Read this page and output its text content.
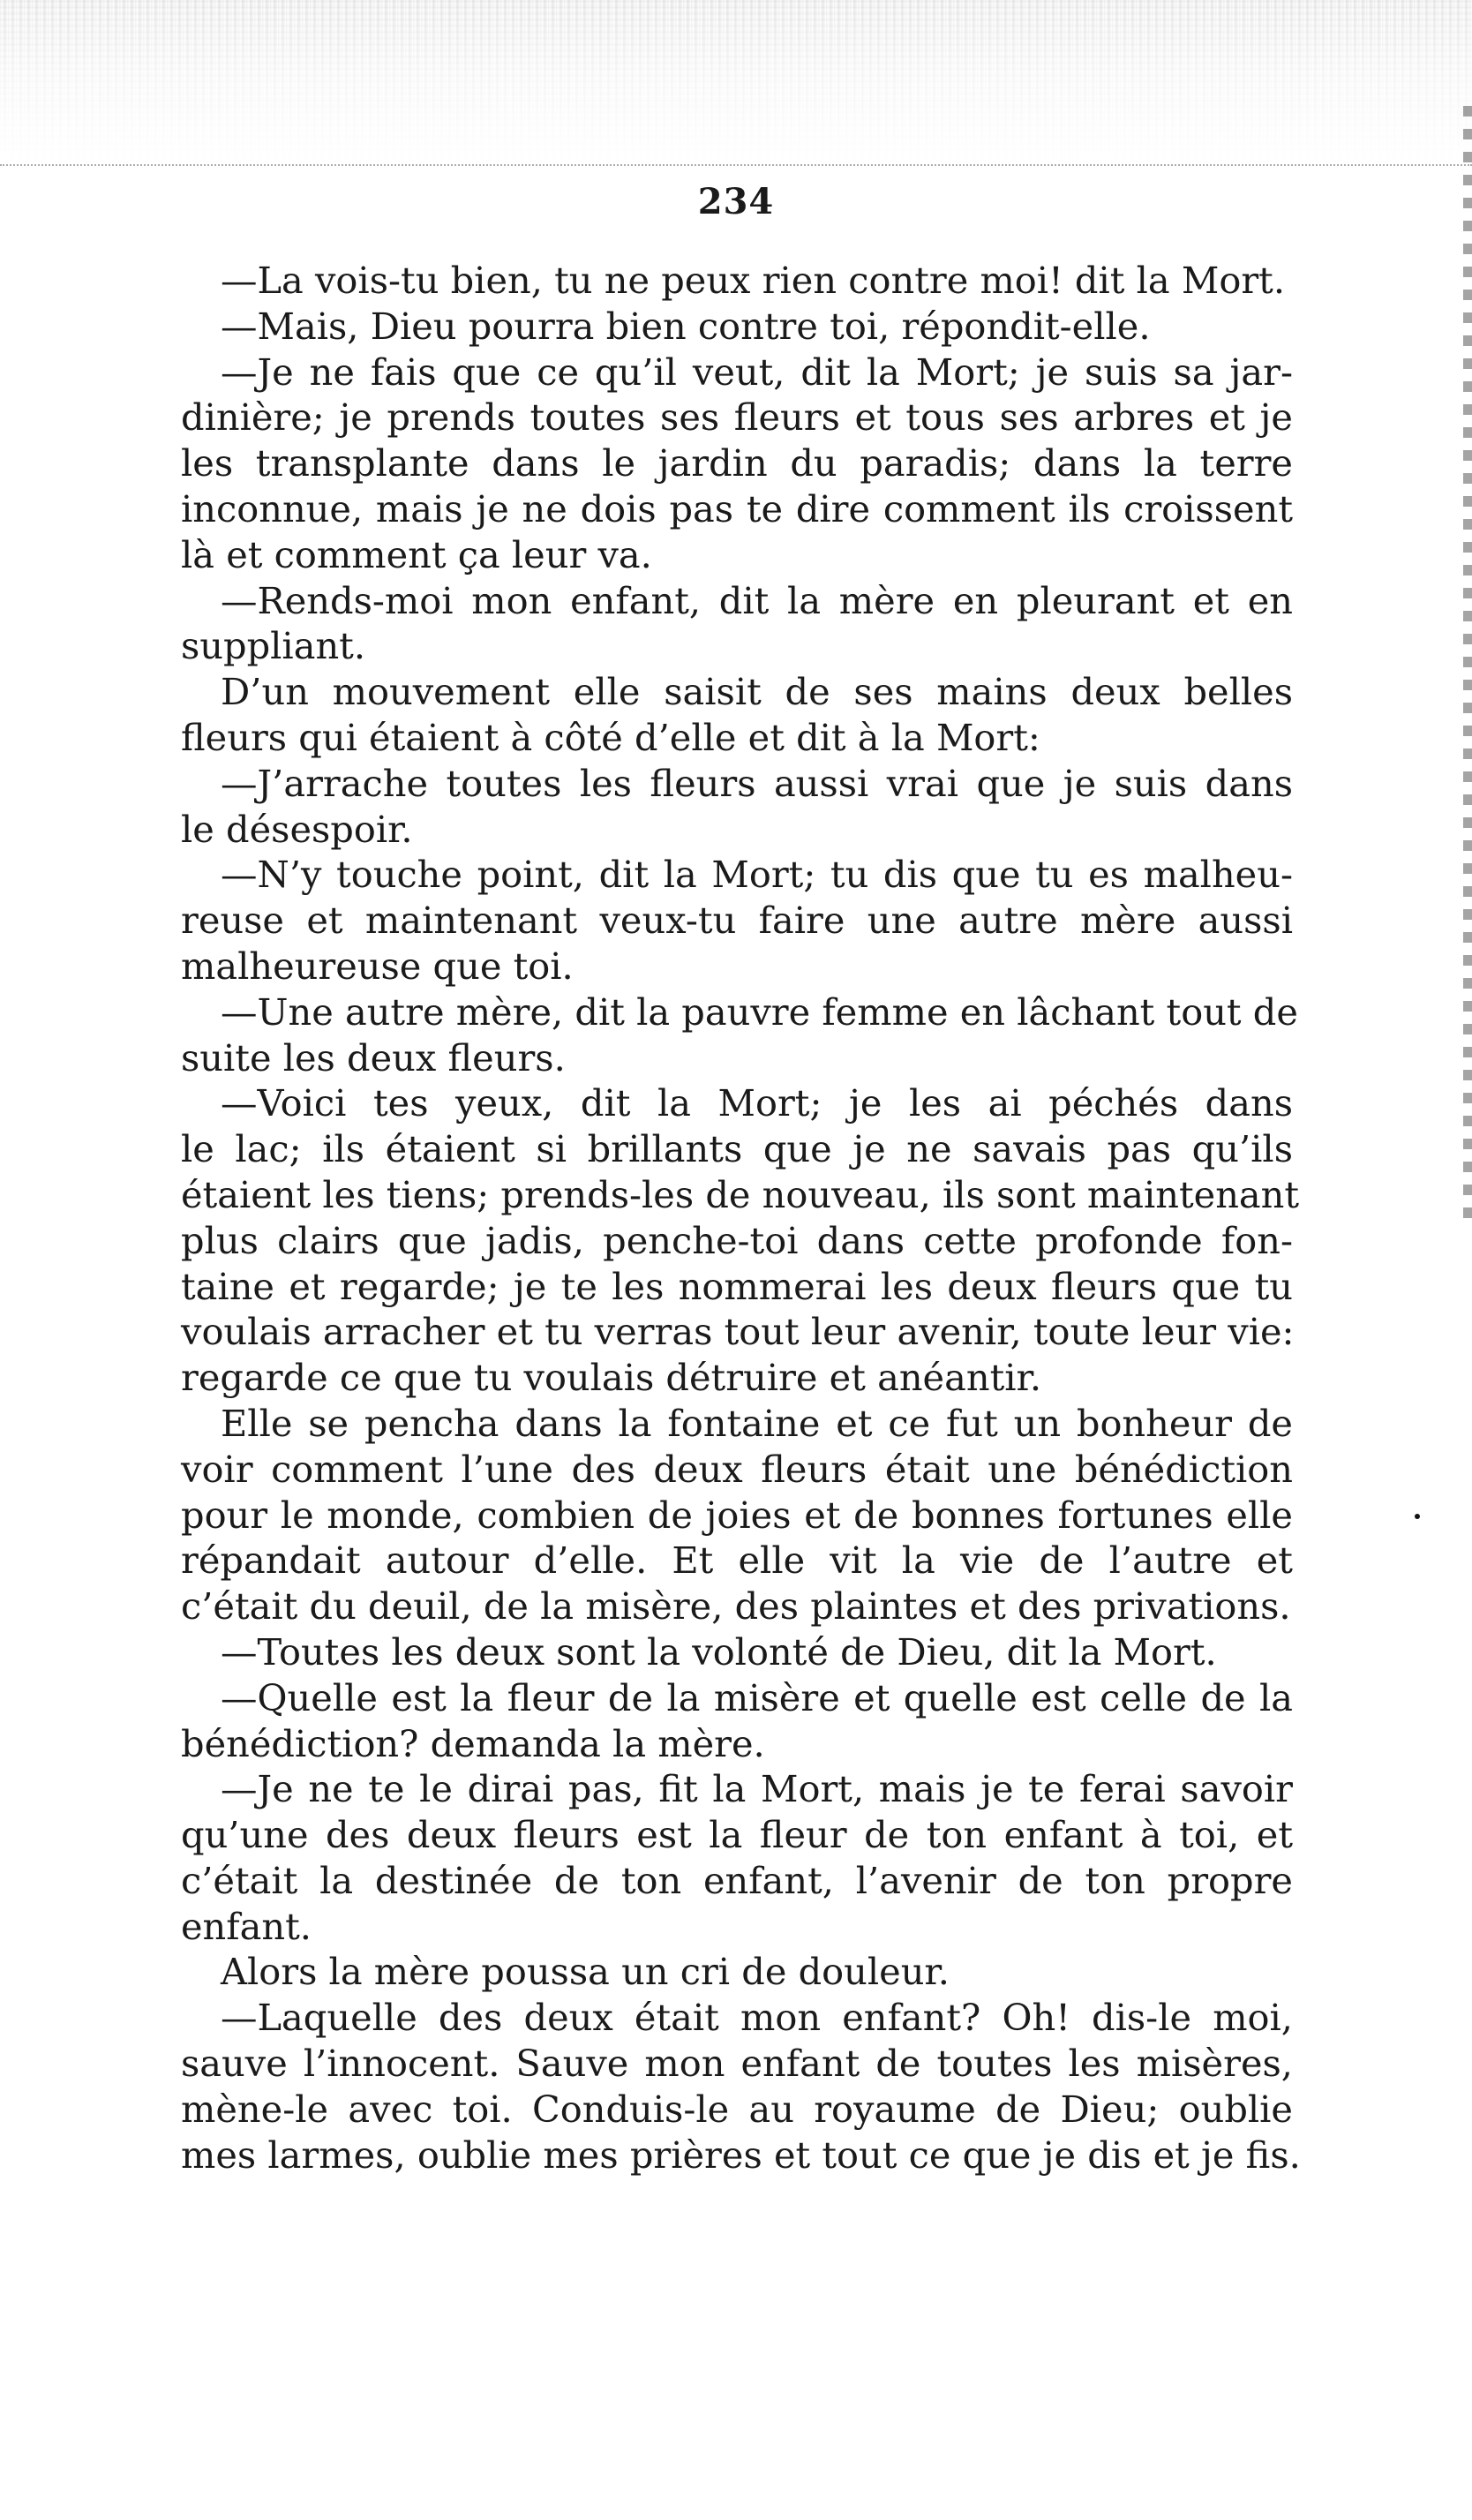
234
—La vois-tu bien, tu ne peux rien contre moi! dit la Mort.
—Mais, Dieu pourra bien contre toi, répondit-elle.
—Je ne fais que ce qu’il veut, dit la Mort; je suis sa jar-
dinière; je prends toutes ses fleurs et tous ses arbres et je
les transplante dans le jardin du paradis; dans la terre
inconnue, mais je ne dois pas te dire comment ils croissent
là et comment ça leur va.
—Rends-moi mon enfant, dit la mère en pleurant et en
suppliant.
D’un mouvement elle saisit de ses mains deux belles
fleurs qui étaient à côté d’elle et dit à la Mort:
—J’arrache toutes les fleurs aussi vrai que je suis dans
le désespoir.
—N’y touche point, dit la Mort; tu dis que tu es malheu-
reuse et maintenant veux-tu faire une autre mère aussi
malheureuse que toi.
—Une autre mère, dit la pauvre femme en lâchant tout de
suite les deux fleurs.
—Voici tes yeux, dit la Mort; je les ai péchés dans
le lac; ils étaient si brillants que je ne savais pas qu’ils
étaient les tiens; prends-les de nouveau, ils sont maintenant
plus clairs que jadis, penche-toi dans cette profonde fon-
taine et regarde; je te les nommerai les deux fleurs que tu
voulais arracher et tu verras tout leur avenir, toute leur vie:
regarde ce que tu voulais détruire et anéantir.
Elle se pencha dans la fontaine et ce fut un bonheur de
voir comment l’une des deux fleurs était une bénédiction
pour le monde, combien de joies et de bonnes fortunes elle
répandait autour d’elle. Et elle vit la vie de l’autre et
c’était du deuil, de la misère, des plaintes et des privations.
—Toutes les deux sont la volonté de Dieu, dit la Mort.
—Quelle est la fleur de la misère et quelle est celle de la
bénédiction? demanda la mère.
—Je ne te le dirai pas, fit la Mort, mais je te ferai savoir
qu’une des deux fleurs est la fleur de ton enfant à toi, et
c’était la destinée de ton enfant, l’avenir de ton propre
enfant.
Alors la mère poussa un cri de douleur.
—Laquelle des deux était mon enfant? Oh! dis-le moi,
sauve l’innocent. Sauve mon enfant de toutes les misères,
mène-le avec toi. Conduis-le au royaume de Dieu; oublie
mes larmes, oublie mes prières et tout ce que je dis et je fis.
